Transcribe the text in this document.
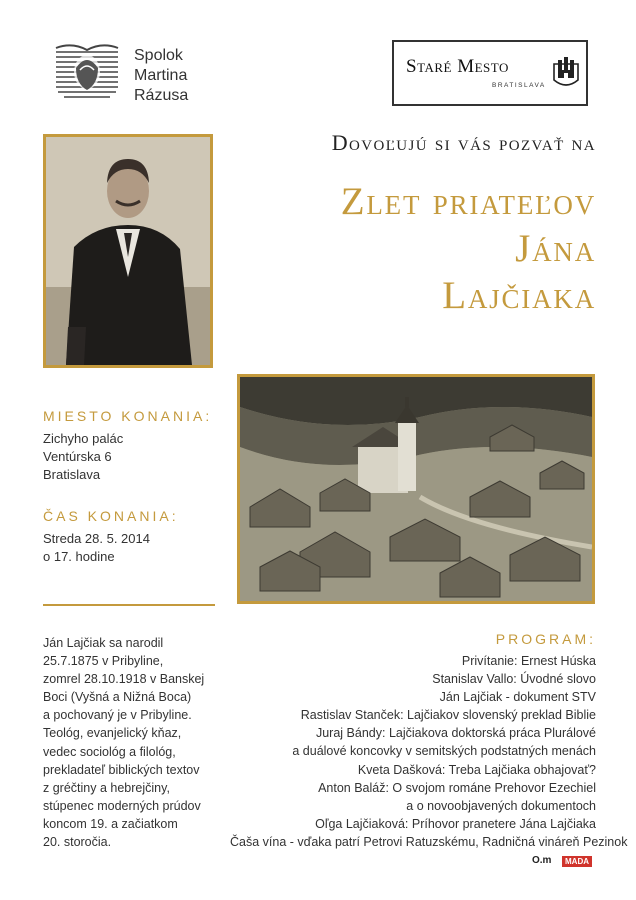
Spolok
Martina
Rázusa
Staré Mesto
BRATISLAVA
Dovoľujú si vás pozvať na
Zlet priateľov
Jána
Lajčiaka
MIESTO KONANIA:
Zichyho palác
Ventúrska 6
Bratislava
ČAS KONANIA:
Streda 28. 5. 2014
o 17. hodine
Ján Lajčiak sa narodil
25.7.1875 v Pribyline,
zomrel 28.10.1918 v Banskej
Boci (Vyšná a Nižná Boca)
a pochovaný je v Pribyline.
Teológ, evanjelický kňaz,
vedec sociológ a filológ,
prekladateľ biblických textov
z gréčtiny a hebrejčiny,
stúpenec moderných prúdov
koncom 19. a začiatkom
20. storočia.
PROGRAM:
Privítanie: Ernest Húska
Stanislav Vallo: Úvodné slovo
Ján Lajčiak - dokument STV
Rastislav Stanček: Lajčiakov slovenský preklad Biblie
Juraj Bándy: Lajčiakova doktorská práca Plurálové
a duálové koncovky v semitských podstatných menách
Kveta Dašková: Treba Lajčiaka obhajovať?
Anton Baláž: O svojom románe Prehovor Ezechiel
a o novoobjavených dokumentoch
Oľga Lajčiaková: Príhovor pranetere Jána Lajčiaka
Čaša vína - vďaka patrí Petrovi Ratuzskému, Radničná vináreň Pezinok
O.m	MADA
